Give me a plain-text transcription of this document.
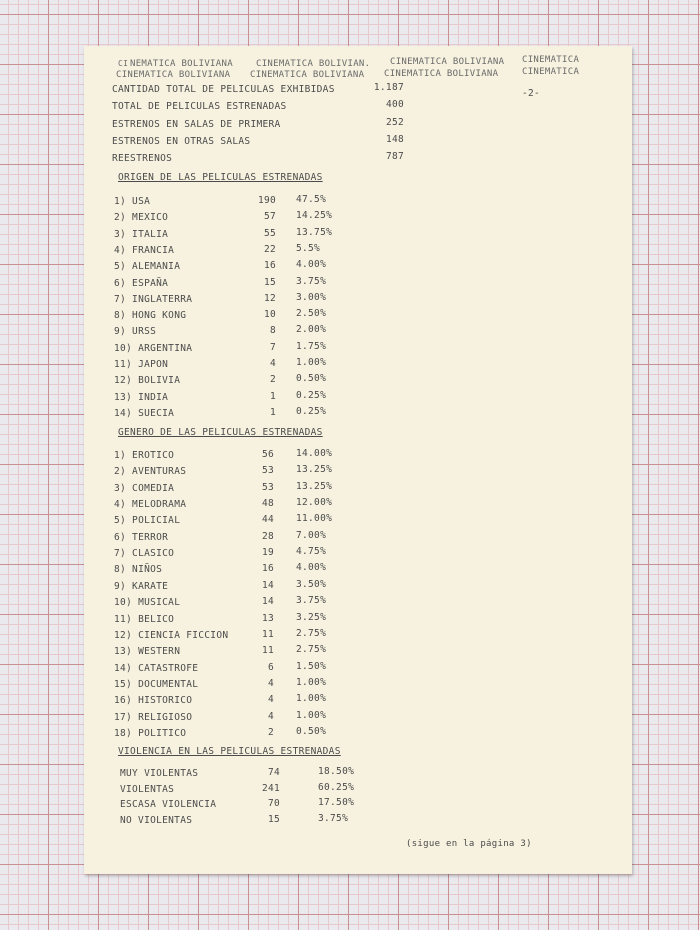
CI NEMATICA BOLIVIANA	CINEMATICA BOLIVIAN. CINEMATICA BOLIVIANA CINEMATICA
CINEMATICA BOLIVIANA CINEMATICA BOLIVIANA CINEMATICA BOLIVIANA	CINEMATICA
-2-
CANTIDAD TOTAL DE PELICULAS EXHIBIDAS	1.187
TOTAL DE PELICULAS ESTRENADAS	400
ESTRENOS EN SALAS DE PRIMERA	252
ESTRENOS EN OTRAS SALAS	148
REESTRENOS	787
ORIGEN DE LAS PELICULAS ESTRENADAS
1) USA	190 47.5%
2) MEXICO	57 14.25%
3) ITALIA	55 13.75%
4) FRANCIA	22 5.5%
5) ALEMANIA	16 4.00%
6) ESPAÑA	15 3.75%
7) INGLATERRA	12 3.00%
8) HONG KONG	10 2.50%
9) URSS	8 2.00%
10) ARGENTINA	7 1.75%
11) JAPON	4 1.00%
12) BOLIVIA	2 0.50%
13) INDIA	1 0.25%
14) SUECIA	1 0.25%
GENERO DE LAS PELICULAS ESTRENADAS
1) EROTICO	56 14.00%
2) AVENTURAS	53 13.25%
3) COMEDIA	53 13.25%
4) MELODRAMA	48 12.00%
5) POLICIAL	44 11.00%
6) TERROR	28 7.00%
7) CLASICO	19 4.75%
8) NIÑOS	16 4.00%
9) KARATE	14 3.50%
10) MUSICAL	14 3.75%
11) BELICO	13 3.25%
12) CIENCIA FICCION	11 2.75%
13) WESTERN	11 2.75%
14) CATASTROFE	6 1.50%
15) DOCUMENTAL	4 1.00%
16) HISTORICO	4 1.00%
17) RELIGIOSO	4 1.00%
18) POLITICO	2 0.50%
VIOLENCIA EN LAS PELICULAS ESTRENADAS
MUY VIOLENTAS	74	18.50%
VIOLENTAS	241	60.25%
ESCASA VIOLENCIA	70	17.50%
NO VIOLENTAS	15	3.75%
(sigue en la página 3)
